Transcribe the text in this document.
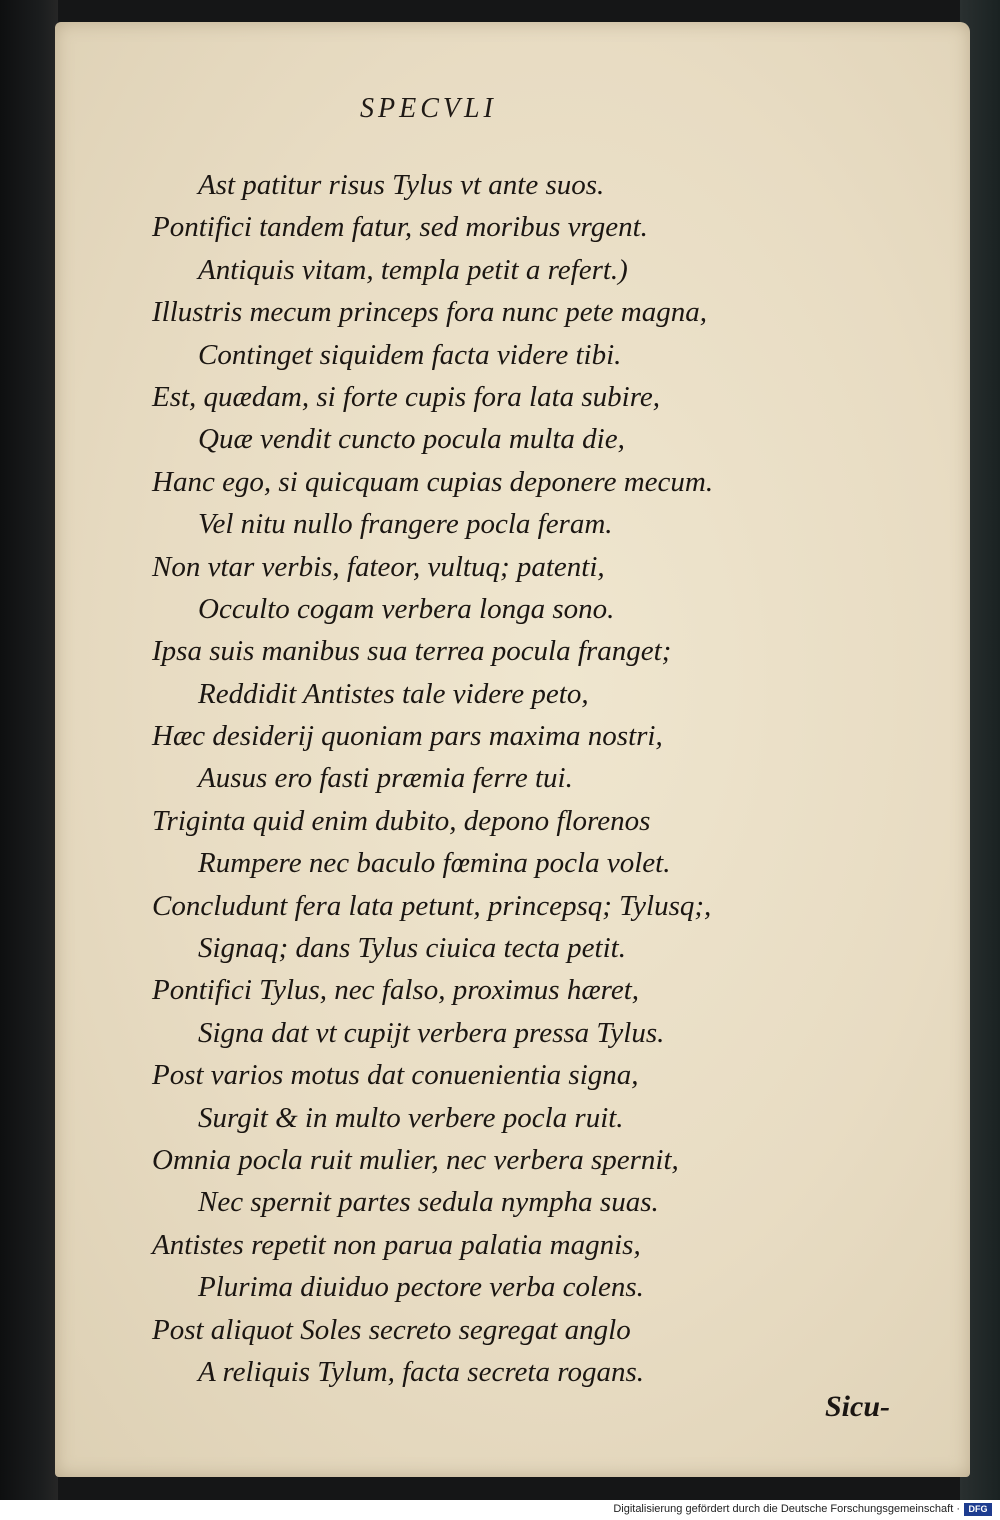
SPECVLI
Ast patitur risus Tylus vt ante suos.
Pontifici tandem fatur, sed moribus vrgent.
Antiquis vitam, templa petit a refert.)
Illustris mecum princeps fora nunc pete magna,
Continget siquidem facta videre tibi.
Est, quædam, si forte cupis fora lata subire,
Quæ vendit cuncto pocula multa die,
Hanc ego, si quicquam cupias deponere mecum.
Vel nitu nullo frangere pocla feram.
Non vtar verbis, fateor, vultuq; patenti,
Occulto cogam verbera longa sono.
Ipsa suis manibus sua terrea pocula franget;
Reddidit Antistes tale videre peto,
Hæc desiderij quoniam pars maxima nostri,
Ausus ero fasti præmia ferre tui.
Triginta quid enim dubito, depono florenos
Rumpere nec baculo fœmina pocla volet.
Concludunt fera lata petunt, princepsq; Tylusq;,
Signaq; dans Tylus ciuica tecta petit.
Pontifici Tylus, nec falso, proximus hæret,
Signa dat vt cupijt verbera pressa Tylus.
Post varios motus dat conuenientia signa,
Surgit & in multo verbere pocla ruit.
Omnia pocla ruit mulier, nec verbera spernit,
Nec spernit partes sedula nympha suas.
Antistes repetit non parua palatia magnis,
Plurima diuiduo pectore verba colens.
Post aliquot Soles secreto segregat anglo
A reliquis Tylum, facta secreta rogans.
Sicu-
Digitalisierung gefördert durch die Deutsche Forschungsgemeinschaft · DFG
